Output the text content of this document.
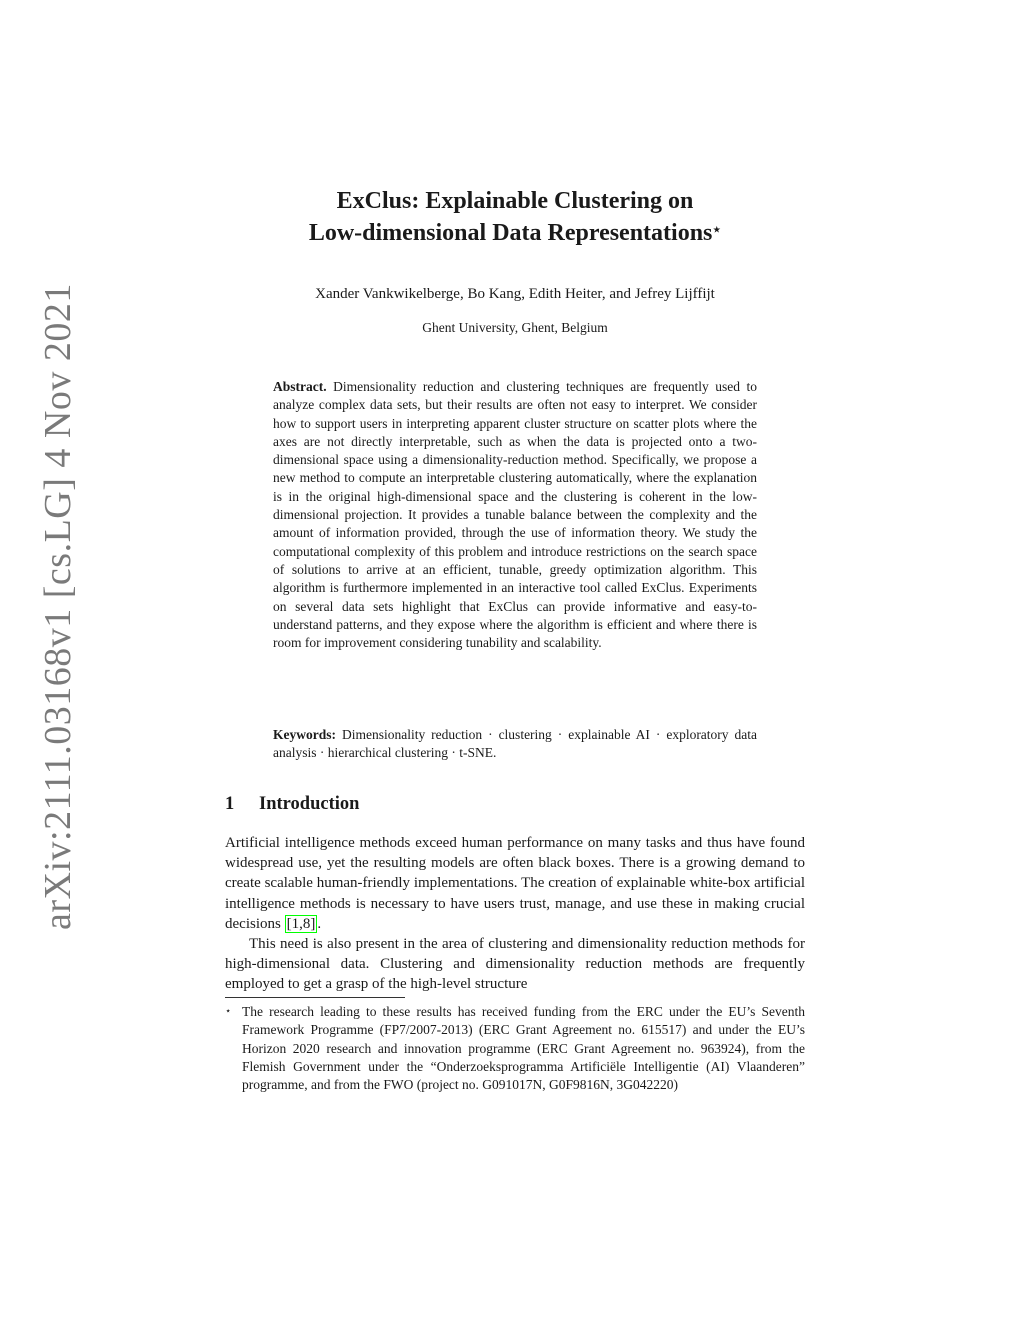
arXiv:2111.03168v1 [cs.LG] 4 Nov 2021
ExClus: Explainable Clustering on
Low-dimensional Data Representations⋆
Xander Vankwikelberge, Bo Kang, Edith Heiter, and Jefrey Lijffijt
Ghent University, Ghent, Belgium

Abstract. Dimensionality reduction and clustering techniques are frequently used to analyze complex data sets, but their results are often not easy to interpret. We consider how to support users in interpreting apparent cluster structure on scatter plots where the axes are not directly interpretable, such as when the data is projected onto a two-dimensional space using a dimensionality-reduction method. Specifically, we propose a new method to compute an interpretable clustering automatically, where the explanation is in the original high-dimensional space and the clustering is coherent in the low-dimensional projection. It provides a tunable balance between the complexity and the amount of information provided, through the use of information theory. We study the computational complexity of this problem and introduce restrictions on the search space of solutions to arrive at an efficient, tunable, greedy optimization algorithm. This algorithm is furthermore implemented in an interactive tool called ExClus. Experiments on several data sets highlight that ExClus can provide informative and easy-to-understand patterns, and they expose where the algorithm is efficient and where there is room for improvement considering tunability and scalability.

Keywords: Dimensionality reduction · clustering · explainable AI · exploratory data analysis · hierarchical clustering · t-SNE.

1 Introduction

Artificial intelligence methods exceed human performance on many tasks and thus have found widespread use, yet the resulting models are often black boxes. There is a growing demand to create scalable human-friendly implementations. The creation of explainable white-box artificial intelligence methods is necessary to have users trust, manage, and use these in making crucial decisions [1,8] .

This need is also present in the area of clustering and dimensionality reduction methods for high-dimensional data. Clustering and dimensionality reduction methods are frequently employed to get a grasp of the high-level structure

⋆ The research leading to these results has received funding from the ERC under the EU’s Seventh Framework Programme (FP7/2007-2013) (ERC Grant Agreement no. 615517) and under the EU’s Horizon 2020 research and innovation programme (ERC Grant Agreement no. 963924), from the Flemish Government under the “Onderzoeksprogramma Artificiële Intelligentie (AI) Vlaanderen” programme, and from the FWO (project no. G091017N, G0F9816N, 3G042220)
